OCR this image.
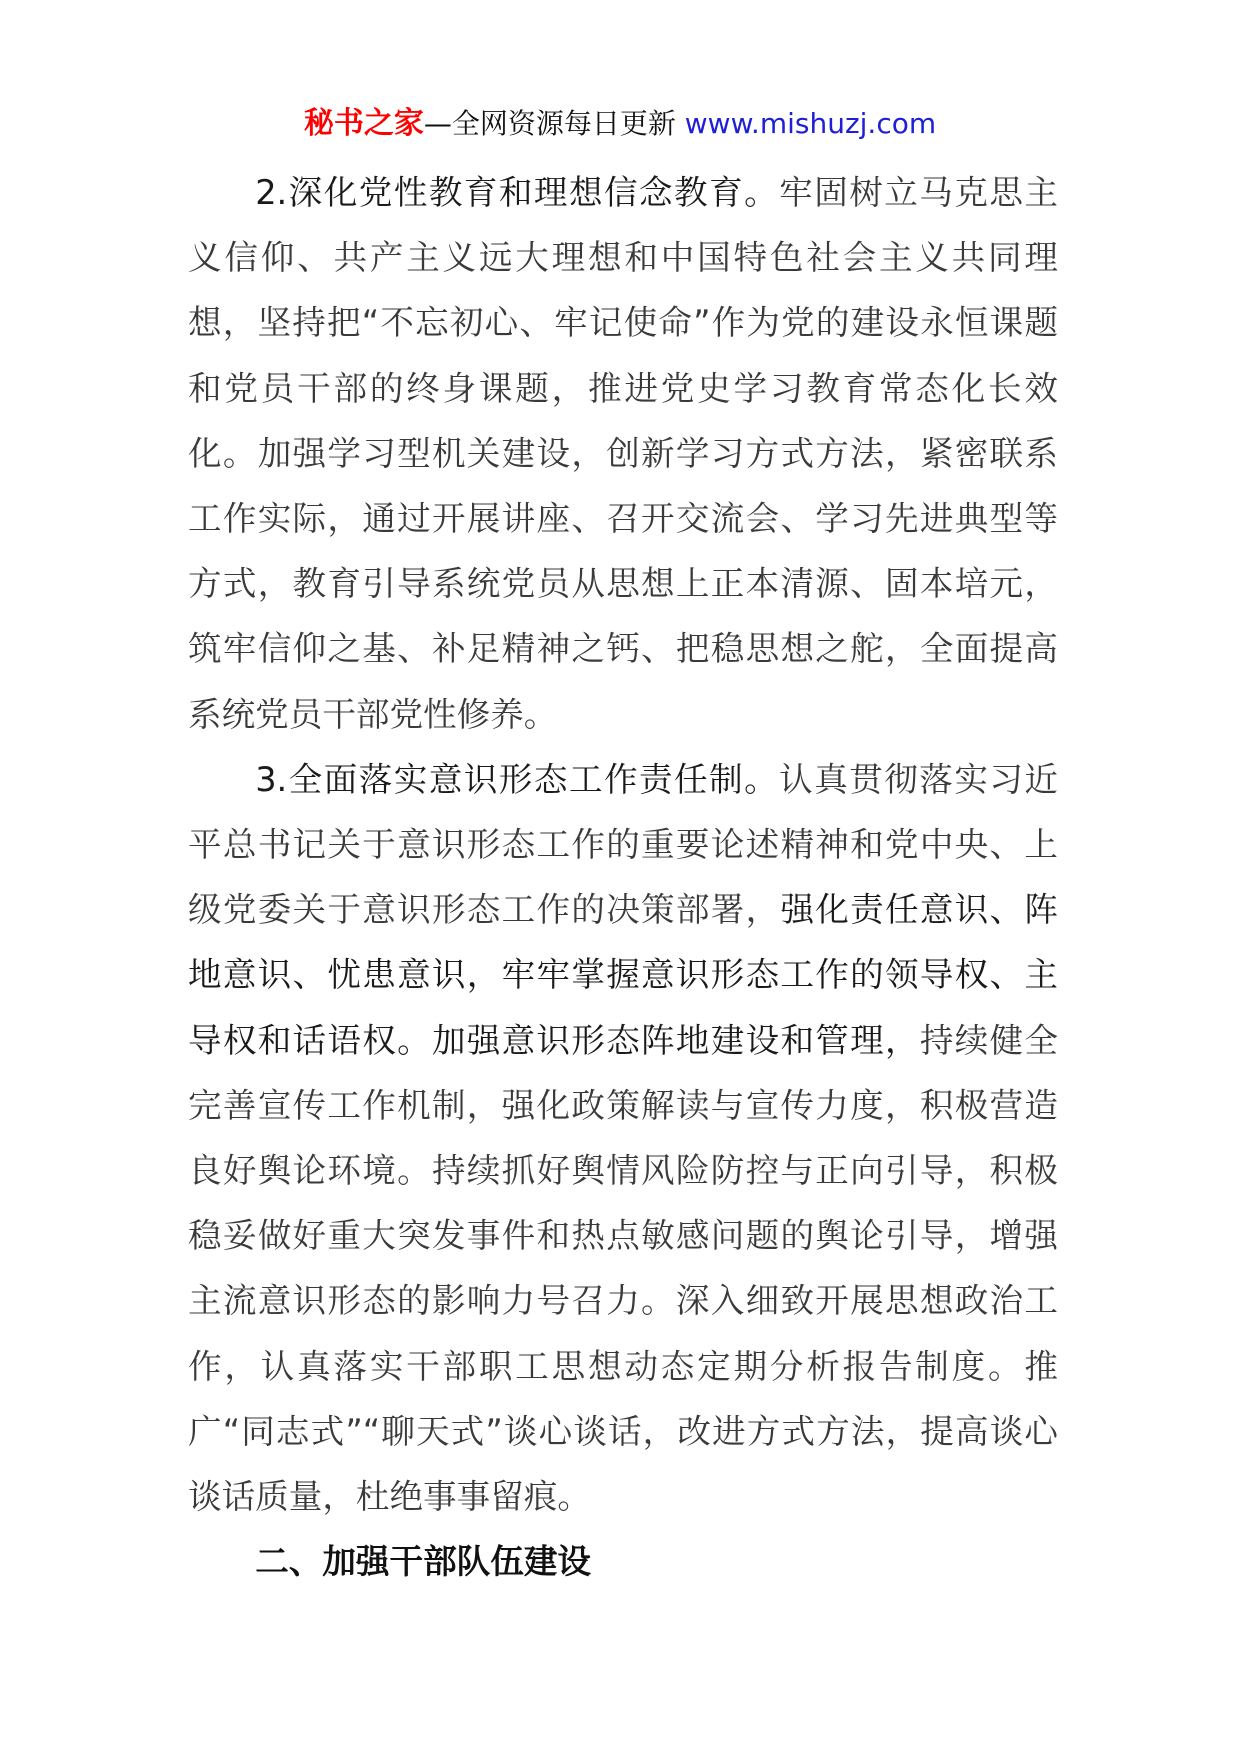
秘书之家—全网资源每日更新 www.mishuzj.com

2.深化党性教育和理想信念教育。牢固树立马克思主义信仰、共产主义远大理想和中国特色社会主义共同理想，坚持把“不忘初心、牢记使命”作为党的建设永恒课题和党员干部的终身课题，推进党史学习教育常态化长效化。加强学习型机关建设，创新学习方式方法，紧密联系工作实际，通过开展讲座、召开交流会、学习先进典型等方式，教育引导系统党员从思想上正本清源、固本培元，筑牢信仰之基、补足精神之钙、把稳思想之舵，全面提高系统党员干部党性修养。

3.全面落实意识形态工作责任制。认真贯彻落实习近平总书记关于意识形态工作的重要论述精神和党中央、上级党委关于意识形态工作的决策部署，强化责任意识、阵地意识、忧患意识，牢牢掌握意识形态工作的领导权、主导权和话语权。加强意识形态阵地建设和管理，持续健全完善宣传工作机制，强化政策解读与宣传力度，积极营造良好舆论环境。持续抓好舆情风险防控与正向引导，积极稳妥做好重大突发事件和热点敏感问题的舆论引导，增强主流意识形态的影响力号召力。深入细致开展思想政治工作，认真落实干部职工思想动态定期分析报告制度。推广“同志式”“聊天式”谈心谈话，改进方式方法，提高谈心谈话质量，杜绝事事留痕。

二、加强干部队伍建设
